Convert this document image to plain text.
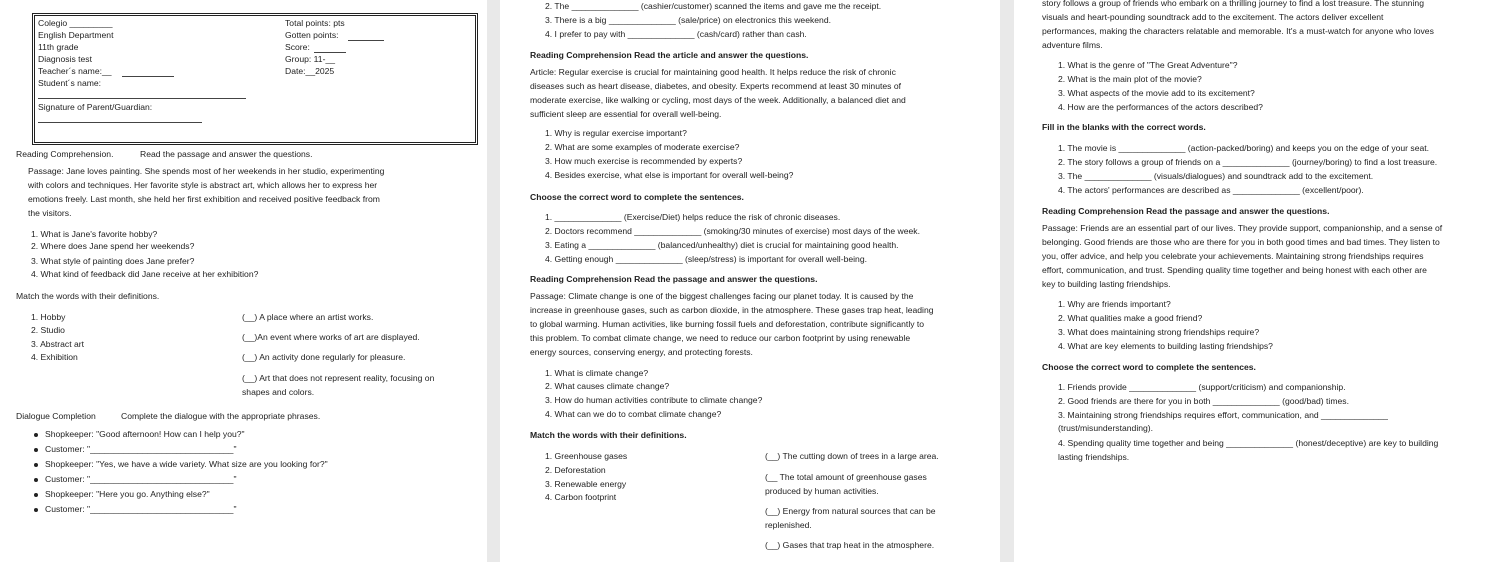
Colegio _________
English Department
11th grade
Diagnosis test
Teacher´s name:__
Student´s name:
Signature of Parent/Guardian:
Total points: pts
Gotten points:
Score:
Group: 11-__
Date:__2025
Reading Comprehension.	Read the passage and answer the questions.
Passage: Jane loves painting. She spends most of her weekends in her studio, experimenting
with colors and techniques. Her favorite style is abstract art, which allows her to express her
emotions freely. Last month, she held her first exhibition and received positive feedback from
the visitors.
1. What is Jane's favorite hobby?
2. Where does Jane spend her weekends?
3. What style of painting does Jane prefer?
4. What kind of feedback did Jane receive at her exhibition?
Match the words with their definitions.
1. Hobby
2. Studio
3. Abstract art
4. Exhibition
(__) A place where an artist works.
(__)An event where works of art are displayed.
(__) An activity done regularly for pleasure.
(__) Art that does not represent reality, focusing on
shapes and colors.
Dialogue Completion	Complete the dialogue with the appropriate phrases.
Shopkeeper: "Good afternoon! How can I help you?"
Customer: "______________________________"
Shopkeeper: "Yes, we have a wide variety. What size are you looking for?"
Customer: "______________________________"
Shopkeeper: "Here you go. Anything else?"
Customer: "______________________________"
2. The ______________ (cashier/customer) scanned the items and gave me the receipt.
3. There is a big ______________ (sale/price) on electronics this weekend.
4. I prefer to pay with ______________ (cash/card) rather than cash.
Reading Comprehension Read the article and answer the questions.
Article: Regular exercise is crucial for maintaining good health. It helps reduce the risk of chronic
diseases such as heart disease, diabetes, and obesity. Experts recommend at least 30 minutes of
moderate exercise, like walking or cycling, most days of the week. Additionally, a balanced diet and
sufficient sleep are essential for overall well-being.
1. Why is regular exercise important?
2. What are some examples of moderate exercise?
3. How much exercise is recommended by experts?
4. Besides exercise, what else is important for overall well-being?
Choose the correct word to complete the sentences.
1. ______________ (Exercise/Diet) helps reduce the risk of chronic diseases.
2. Doctors recommend ______________ (smoking/30 minutes of exercise) most days of the week.
3. Eating a ______________ (balanced/unhealthy) diet is crucial for maintaining good health.
4. Getting enough ______________ (sleep/stress) is important for overall well-being.
Reading Comprehension Read the passage and answer the questions.
Passage: Climate change is one of the biggest challenges facing our planet today. It is caused by the
increase in greenhouse gases, such as carbon dioxide, in the atmosphere. These gases trap heat, leading
to global warming. Human activities, like burning fossil fuels and deforestation, contribute significantly to
this problem. To combat climate change, we need to reduce our carbon footprint by using renewable
energy sources, conserving energy, and protecting forests.
1. What is climate change?
2. What causes climate change?
3. How do human activities contribute to climate change?
4. What can we do to combat climate change?
Match the words with their definitions.
1. Greenhouse gases
2. Deforestation
3. Renewable energy
4. Carbon footprint
(__) The cutting down of trees in a large area.
(__ The total amount of greenhouse gases
produced by human activities.
(__) Energy from natural sources that can be
replenished.
(__) Gases that trap heat in the atmosphere.
story follows a group of friends who embark on a thrilling journey to find a lost treasure. The stunning
visuals and heart-pounding soundtrack add to the excitement. The actors deliver excellent
performances, making the characters relatable and memorable. It's a must-watch for anyone who loves
adventure films.
1. What is the genre of "The Great Adventure"?
2. What is the main plot of the movie?
3. What aspects of the movie add to its excitement?
4. How are the performances of the actors described?
Fill in the blanks with the correct words.
1. The movie is ______________ (action-packed/boring) and keeps you on the edge of your seat.
2. The story follows a group of friends on a ______________ (journey/boring) to find a lost treasure.
3. The ______________ (visuals/dialogues) and soundtrack add to the excitement.
4. The actors' performances are described as ______________ (excellent/poor).
Reading Comprehension Read the passage and answer the questions.
Passage: Friends are an essential part of our lives. They provide support, companionship, and a sense of
belonging. Good friends are those who are there for you in both good times and bad times. They listen to
you, offer advice, and help you celebrate your achievements. Maintaining strong friendships requires
effort, communication, and trust. Spending quality time together and being honest with each other are
key to building lasting friendships.
1. Why are friends important?
2. What qualities make a good friend?
3. What does maintaining strong friendships require?
4. What are key elements to building lasting friendships?
Choose the correct word to complete the sentences.
1. Friends provide ______________ (support/criticism) and companionship.
2. Good friends are there for you in both ______________ (good/bad) times.
3. Maintaining strong friendships requires effort, communication, and ______________
(trust/misunderstanding).
4. Spending quality time together and being ______________ (honest/deceptive) are key to building
lasting friendships.
